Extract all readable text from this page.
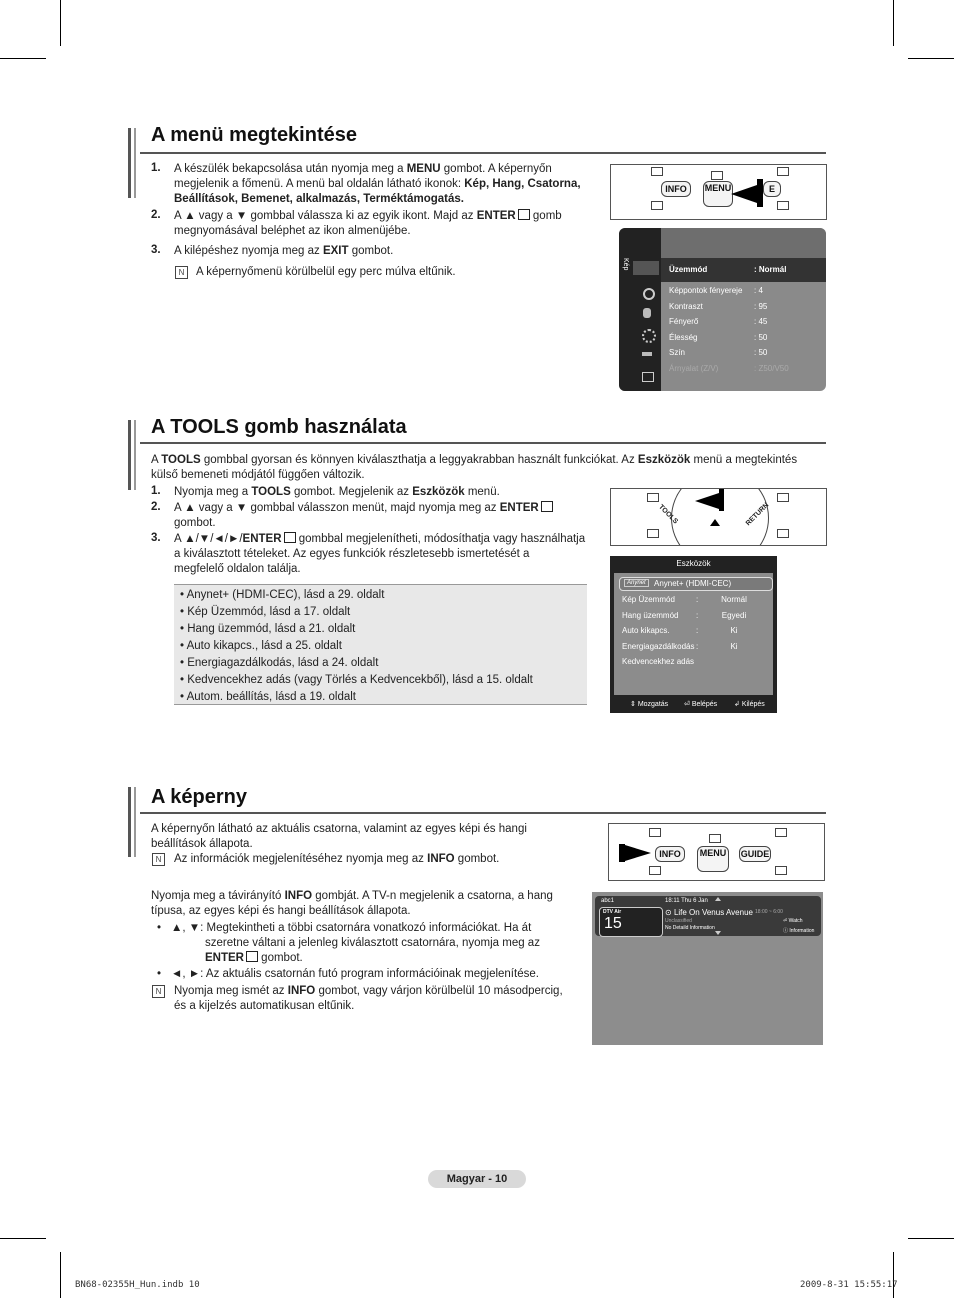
A menü megtekintése
1. A készülék bekapcsolása után nyomja meg a MENU gombot. A képernyőn
megjelenik a főmenü. A menü bal oldalán látható ikonok: Kép, Hang, Csatorna,
Beállítások, Bemenet, alkalmazás, Terméktámogatás.
2. A ▲ vagy a ▼ gombbal válassza ki az egyik ikont. Majd az ENTER gomb
megnyomásával beléphet az ikon almenüjébe.
3. A kilépéshez nyomja meg az EXIT gombot.
N	A képernyőmenü körülbelül egy perc múlva eltűnik.
INFO	MENU	E
Kép	Üzemmód	: Normál
Képpontok fényereje : 4
Kontraszt	: 95
Fényerő	: 45
Élesség	: 50
Szín	: 50
Árnyalat (Z/V)	: Z50/V50
A TOOLS gomb használata
A TOOLS gombbal gyorsan és könnyen kiválaszthatja a leggyakrabban használt funkciókat. Az Eszközök menü a megtekintés
külső bemeneti módjától függően változik.
1. Nyomja meg a TOOLS gombot. Megjelenik az Eszközök menü.
2. A ▲ vagy a ▼ gombbal válasszon menüt, majd nyomja meg az ENTER
gombot.
3. A ▲/▼/◄/►/ENTER gombbal megjelenítheti, módosíthatja vagy használhatja
a kiválasztott tételeket. Az egyes funkciók részletesebb ismertetését a
megfelelő oldalon találja.
• Anynet+ (HDMI-CEC), lásd a 29. oldalt
• Kép Üzemmód, lásd a 17. oldalt
• Hang üzemmód, lásd a 21. oldalt
• Auto kikapcs., lásd a 25. oldalt
• Energiagazdálkodás, lásd a 24. oldalt
• Kedvencekhez adás (vagy Törlés a Kedvencekből), lásd a 15. oldalt
• Autom. beállítás, lásd a 19. oldalt
TOOLS	RETURN
Eszközök
Anynet	Anynet+ (HDMI-CEC)
Kép Üzemmód	:	Normál
Hang üzemmód :	Egyedi
Auto kikapcs.	:	Ki
Energiagazdálkodás :	Ki
Kedvencekhez adás
⇕ Mozgatás ⏎ Belépés ↲ Kilépés
A képerny
A képernyőn látható az aktuális csatorna, valamint az egyes képi és hangi
beállítások állapota.
N	Az információk megjelenítéséhez nyomja meg az INFO gombot.
Nyomja meg a távirányító INFO gombját. A TV-n megjelenik a csatorna, a hang
típusa, az egyes képi és hangi beállítások állapota.
• ▲, ▼: Megtekintheti a többi csatornára vonatkozó információkat. Ha át
szeretne váltani a jelenleg kiválasztott csatornára, nyomja meg az
ENTER gombot.
• ◄, ►: Az aktuális csatornán futó program információinak megjelenítése.
N	Nyomja meg ismét az INFO gombot, vagy várjon körülbelül 10 másodpercig,
és a kijelzés automatikusan eltűnik.
INFO	MENU	GUIDE
abc1
DTV Air
15
18:11 Thu 6 Jan
⊙ Life On Venus Avenue 18:00 ~ 6:00
Unclassified
No Detaild Information
⏎ Watch
ⓘ Information
Magyar - 10
BN68-02355H_Hun.indb 10	2009-8-31 15:55:17
